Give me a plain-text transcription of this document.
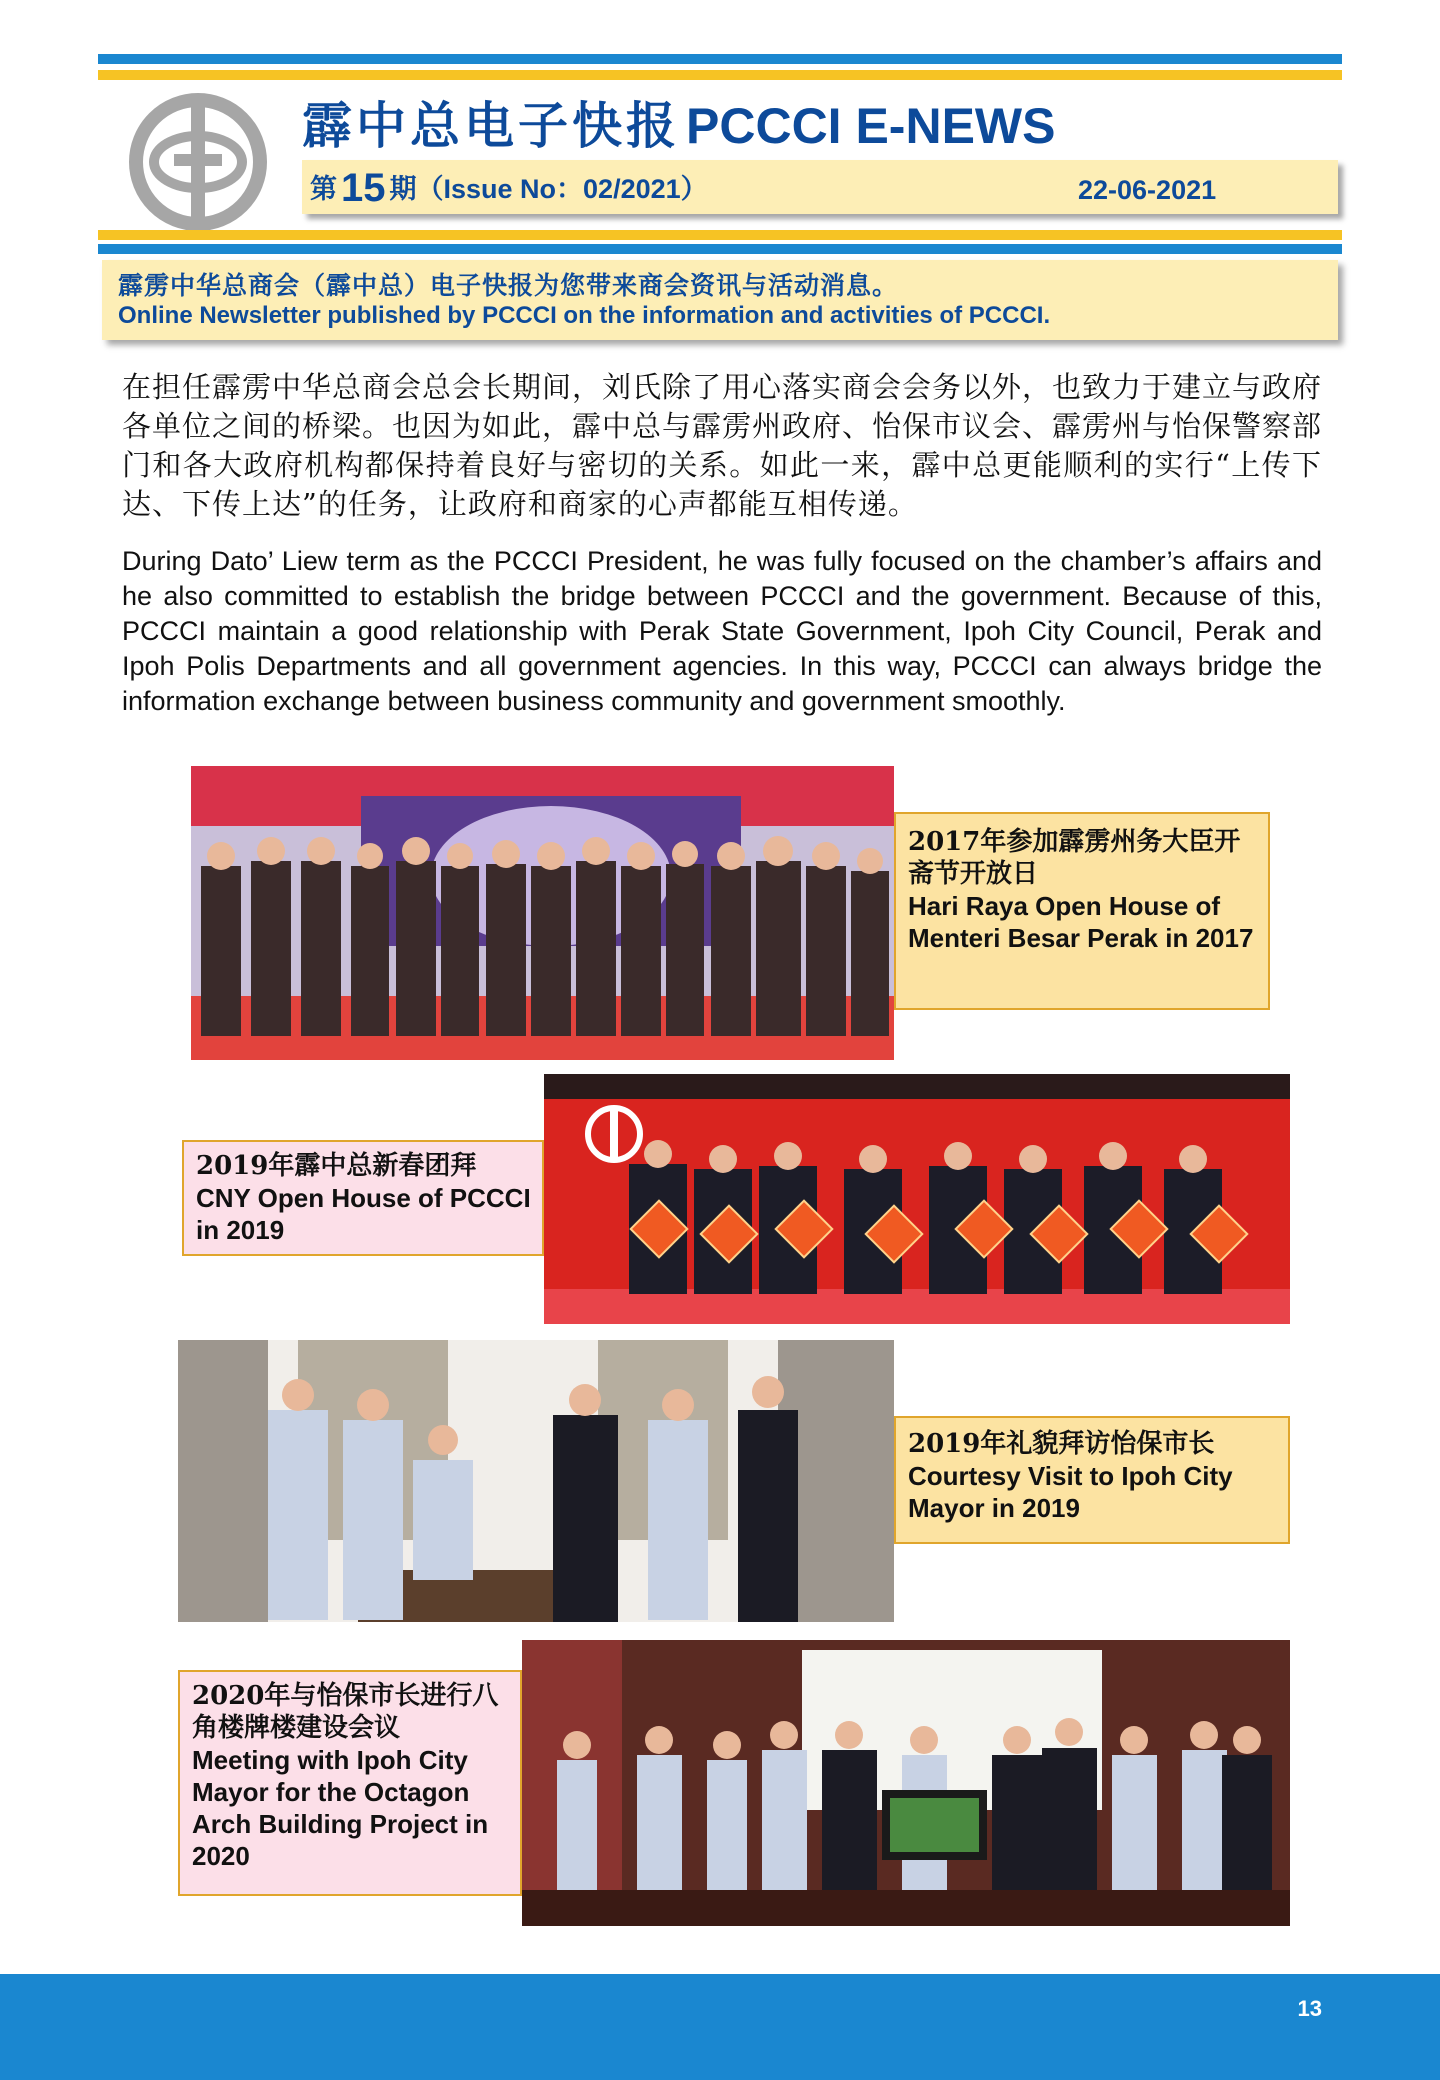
霹中总电子快报 PCCCI E-NEWS
第 15 期（Issue No：02/2021）	22-06-2021
霹雳中华总商会（霹中总）电子快报为您带来商会资讯与活动消息。
Online Newsletter published by PCCCI on the information and activities of PCCCI.
在担任霹雳中华总商会总会长期间，刘氏除了用心落实商会会务以外，也致力于建立与政府各单位之间的桥梁。也因为如此，霹中总与霹雳州政府、怡保市议会、霹雳州与怡保警察部门和各大政府机构都保持着良好与密切的关系。如此一来，霹中总更能顺利的实行“上传下达、下传上达”的任务，让政府和商家的心声都能互相传递。
During Dato’ Liew term as the PCCCI President, he was fully focused on the chamber’s affairs and he also committed to establish the bridge between PCCCI and the government. Because of this, PCCCI maintain a good relationship with Perak State Government, Ipoh City Council, Perak and Ipoh Polis Departments and all government agencies. In this way, PCCCI can always bridge the information exchange between business community and government smoothly.
2017年参加霹雳州务大臣开斋节开放日
Hari Raya Open House of Menteri Besar Perak in 2017
2019年霹中总新春团拜
CNY Open House of PCCCI in 2019
2019年礼貌拜访怡保市长
Courtesy Visit to Ipoh City Mayor in 2019
2020年与怡保市长进行八角楼牌楼建设会议
Meeting with Ipoh City Mayor for the Octagon Arch Building Project in 2020
13
